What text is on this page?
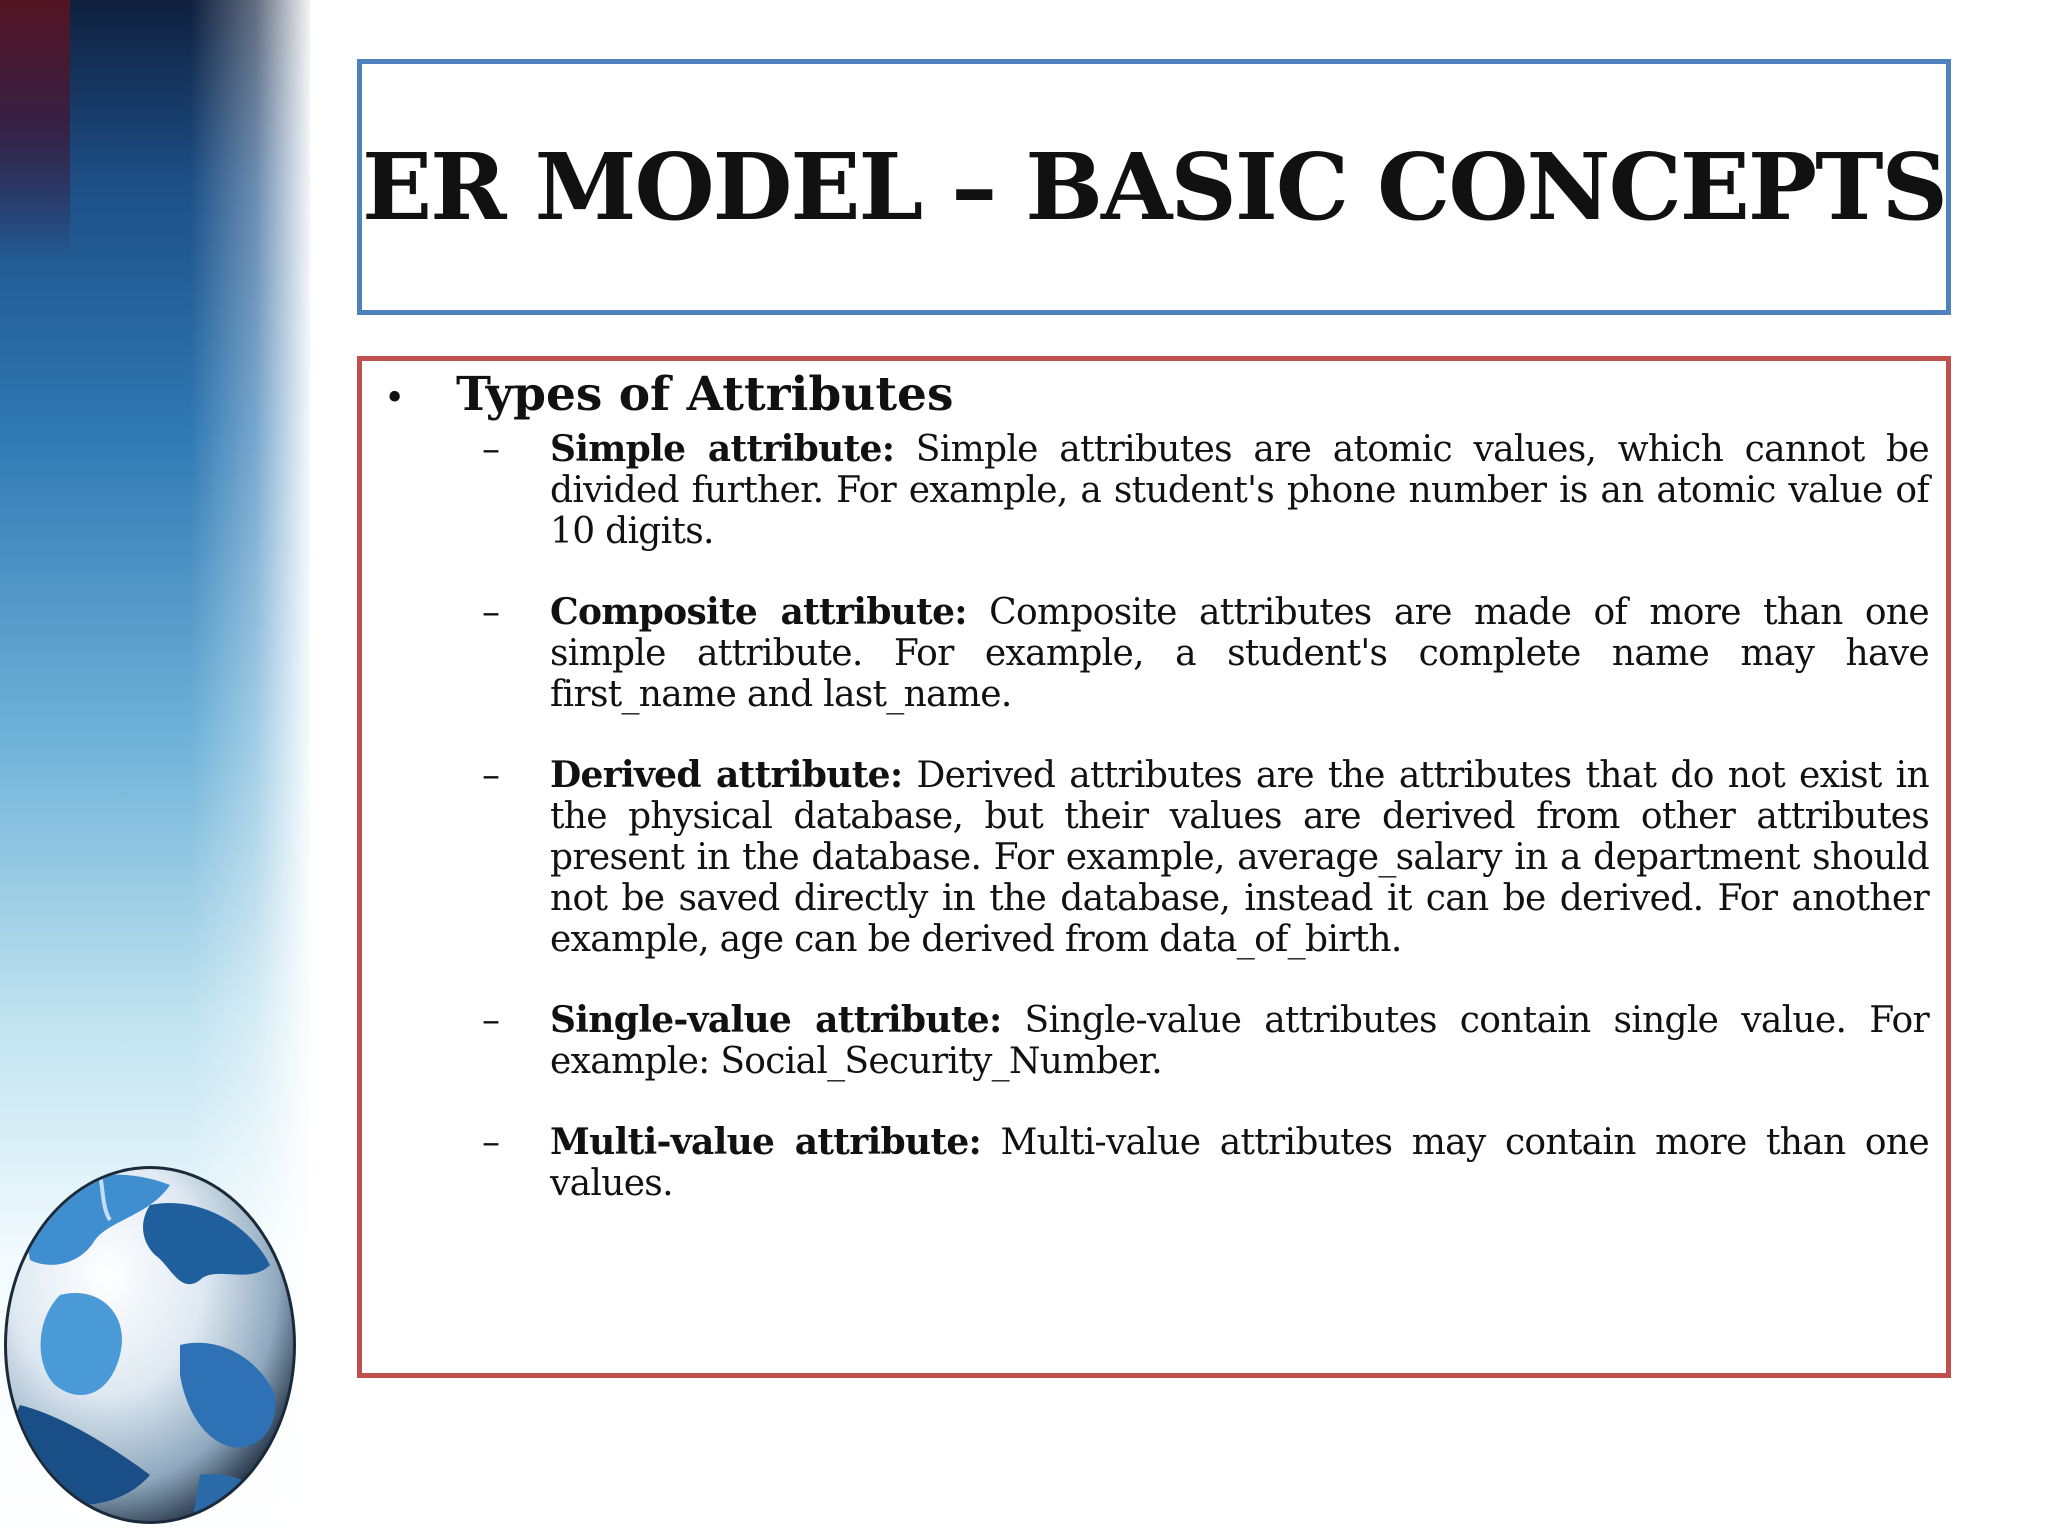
ER MODEL – BASIC CONCEPTS
•	Types of Attributes
–	Simple attribute: Simple attributes are atomic values, which cannot be divided further. For example, a student's phone number is an atomic value of 10 digits.
–	Composite attribute: Composite attributes are made of more than one simple attribute. For example, a student's complete name may have first_name and last_name.
–	Derived attribute: Derived attributes are the attributes that do not exist in the physical database, but their values are derived from other attributes present in the database. For example, average_salary in a department should not be saved directly in the database, instead it can be derived. For another example, age can be derived from data_of_birth.
–	Single-value attribute: Single-value attributes contain single value. For example: Social_Security_Number.
–	Multi-value attribute: Multi-value attributes may contain more than one values.
